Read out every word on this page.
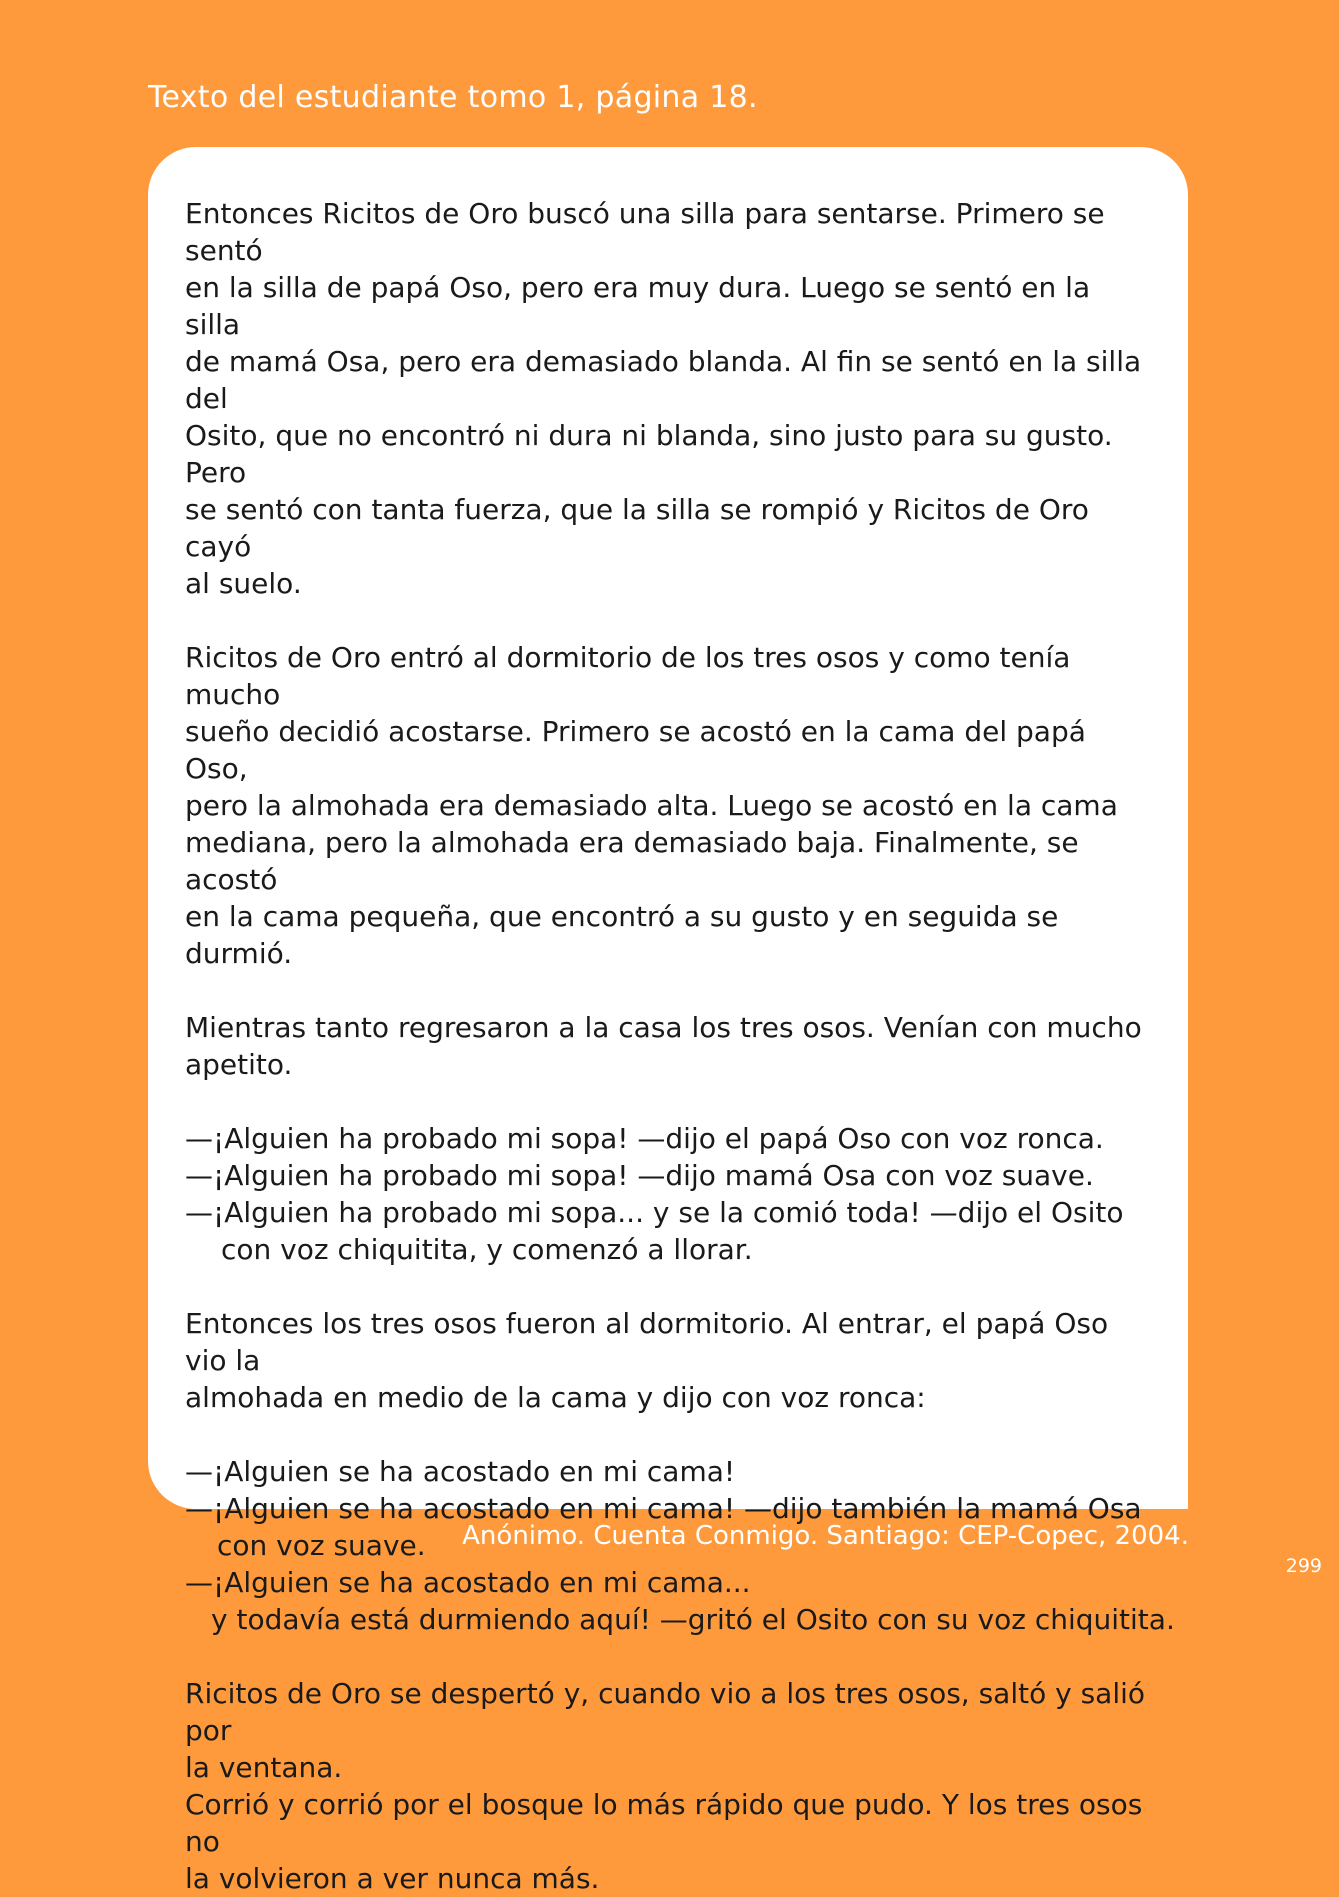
Texto del estudiante tomo 1, página 18.

Entonces Ricitos de Oro buscó una silla para sentarse. Primero se sentó
en la silla de papá Oso, pero era muy dura. Luego se sentó en la silla
de mamá Osa, pero era demasiado blanda. Al fin se sentó en la silla del
Osito, que no encontró ni dura ni blanda, sino justo para su gusto. Pero
se sentó con tanta fuerza, que la silla se rompió y Ricitos de Oro cayó
al suelo.

Ricitos de Oro entró al dormitorio de los tres osos y como tenía mucho
sueño decidió acostarse. Primero se acostó en la cama del papá Oso,
pero la almohada era demasiado alta. Luego se acostó en la cama
mediana, pero la almohada era demasiado baja. Finalmente, se acostó
en la cama pequeña, que encontró a su gusto y en seguida se durmió.

Mientras tanto regresaron a la casa los tres osos. Venían con mucho
apetito.

—¡Alguien ha probado mi sopa! —dijo el papá Oso con voz ronca.
—¡Alguien ha probado mi sopa! —dijo mamá Osa con voz suave.
—¡Alguien ha probado mi sopa... y se la comió toda! —dijo el Osito
con voz chiquitita, y comenzó a llorar.

Entonces los tres osos fueron al dormitorio. Al entrar, el papá Oso vio la
almohada en medio de la cama y dijo con voz ronca:

—¡Alguien se ha acostado en mi cama!
—¡Alguien se ha acostado en mi cama! —dijo también la mamá Osa
con voz suave.
—¡Alguien se ha acostado en mi cama...
y todavía está durmiendo aquí! —gritó el Osito con su voz chiquitita.

Ricitos de Oro se despertó y, cuando vio a los tres osos, saltó y salió por
la ventana.
Corrió y corrió por el bosque lo más rápido que pudo. Y los tres osos no
la volvieron a ver nunca más.

Anónimo. Cuenta Conmigo. Santiago: CEP-Copec, 2004.
299
